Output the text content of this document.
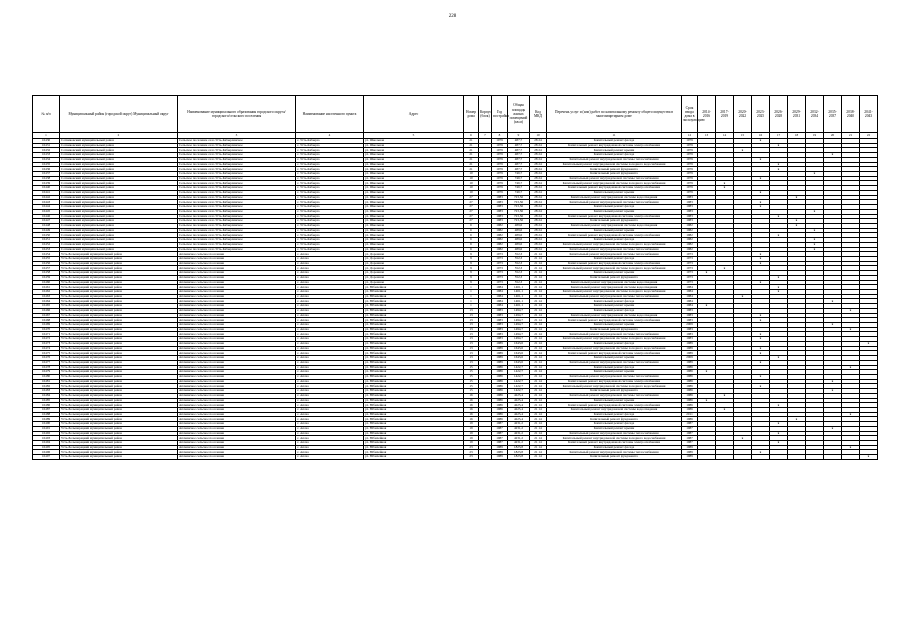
228
№ п/п	Муниципальный район (городской округ) Муниципальный округ	Наименование муниципального образования городского округа/городского/сельского поселения	Наименование населенного пункта	Адрес	Номер дома	Корпус (блок)	Год постройки	Общая площадь жилых помещений (кв.м)	Код МКД	Перечень услуг и (или) работ по капитальному ремонту общего имущества в многоквартирном доме	Срок ввода дома в эксплуатацию	2014-2016	2017-2019	2020-2022	2023-2025	2026-2028	2029-2031	2032-2034	2035-2037	2038-2040	2041-2043
1	2	3	4	5	6	7	8	9	10	11	12	13	14	15	16	17	18	19	20	21	22
16430	Сотниковский муниципальный район	Сельское поселение село Усть-Кабырзинское	с. Усть-Кабырза	ул. Школьная	21		1979	487,7	28 24	Капитальный ремонт фасада	1979				x						
16431	Сотниковский муниципальный район	Сельское поселение село Усть-Кабырзинское	с. Усть-Кабырза	ул. Школьная	21		1979	487,7	28 24	Капитальный ремонт внутридомовой системы электроснабжения	1979					x					
16432	Сотниковский муниципальный район	Сельское поселение село Усть-Кабырзинское	с. Усть-Кабырза	ул. Школьная	21		1979	487,7	28 24	Капитальный ремонт крыши	1979			x							
16433	Сотниковский муниципальный район	Сельское поселение село Усть-Кабырзинское	с. Усть-Кабырза	ул. Школьная	21		1979	487,7	28 24	Капитальный ремонт фасада	1979								x		
16434	Сотниковский муниципальный район	Сельское поселение село Усть-Кабырзинское	с. Усть-Кабырза	ул. Школьная	21		1979	487,7	28 24	Капитальный ремонт внутридомовой системы теплоснабжения	1979				x						
16435	Сотниковский муниципальный район	Сельское поселение село Усть-Кабырзинское	с. Усть-Кабырза	ул. Школьная	21		1979	487,7	28 24	Капитальный ремонт внутридомовой системы холодного водоснабжения	1979					x					
16436	Сотниковский муниципальный район	Сельское поселение село Усть-Кабырзинское	с. Усть-Кабырза	ул. Школьная	21		1979	487,7	28 24	Капитальный ремонт фундамента	1979					x					
16437	Сотниковский муниципальный район	Сельское поселение село Усть-Кабырзинское	с. Усть-Кабырза	ул. Школьная	10		1979	746,7	28 24	Капитальный ремонт фундамента	1979							x			
16438	Сотниковский муниципальный район	Сельское поселение село Усть-Кабырзинское	с. Усть-Кабырза	ул. Школьная	10		1979	746,7	28 24	Капитальный ремонт внутридомовой системы теплоснабжения	1979				x						
16439	Сотниковский муниципальный район	Сельское поселение село Усть-Кабырзинское	с. Усть-Кабырза	ул. Школьная	10		1979	746,7	28 24	Капитальный ремонт внутридомовой системы холодного водоснабжения	1979		x								
16440	Сотниковский муниципальный район	Сельское поселение село Усть-Кабырзинское	с. Усть-Кабырза	ул. Школьная	10		1979	746,7	28 24	Капитальный ремонт внутридомовой системы электроснабжения	1979		x								
16441	Сотниковский муниципальный район	Сельское поселение село Усть-Кабырзинское	с. Усть-Кабырза	ул. Школьная	10		1979	746,7	28 24	Капитальный ремонт крыши	1979				x						
16442	Сотниковский муниципальный район	Сельское поселение село Усть-Кабырзинское	с. Усть-Кабырза	ул. Школьная	27		1983	723,56	28 24	Капитальный ремонт внутридомовой системы водоотведения	1983						x				
16443	Сотниковский муниципальный район	Сельское поселение село Усть-Кабырзинское	с. Усть-Кабырза	ул. Школьная	27		1983	723,56	28 24	Капитальный ремонт внутридомовой системы теплоснабжения	1983				x						
16444	Сотниковский муниципальный район	Сельское поселение село Усть-Кабырзинское	с. Усть-Кабырза	ул. Школьная	27		1983	723,56	28 24	Капитальный ремонт фасада	1983				x						
16445	Сотниковский муниципальный район	Сельское поселение село Усть-Кабырзинское	с. Усть-Кабырза	ул. Школьная	27		1983	723,56	28 24	Капитальный ремонт крыши	1983							x			
16446	Сотниковский муниципальный район	Сельское поселение село Усть-Кабырзинское	с. Усть-Кабырза	ул. Школьная	27		1983	723,56	28 24	Капитальный ремонт внутридомовой системы электроснабжения	1983					x					
16447	Сотниковский муниципальный район	Сельское поселение село Усть-Кабырзинское	с. Усть-Кабырза	ул. Школьная	27		1983	723,56	28 24	Капитальный ремонт фундамента	1983						x				
16448	Сотниковский муниципальный район	Сельское поселение село Усть-Кабырзинское	с. Усть-Кабырза	ул. Школьная	6		1982	489,6	28 24	Капитальный ремонт внутридомовой системы водоотведения	1982						x				
16449	Сотниковский муниципальный район	Сельское поселение село Усть-Кабырзинское	с. Усть-Кабырза	ул. Школьная	6		1982	489,6	28 24	Капитальный ремонт крыши	1982							x			
16450	Сотниковский муниципальный район	Сельское поселение село Усть-Кабырзинское	с. Усть-Кабырза	ул. Школьная	6		1982	489,6	28 24	Капитальный ремонт внутридомовой системы электроснабжения	1982					x					
16451	Сотниковский муниципальный район	Сельское поселение село Усть-Кабырзинское	с. Усть-Кабырза	ул. Школьная	6		1982	489,6	28 24	Капитальный ремонт фасада	1982							x			
16452	Сотниковский муниципальный район	Сельское поселение село Усть-Кабырзинское	с. Усть-Кабырза	ул. Школьная	6		1982	489,6	28 24	Капитальный ремонт внутридомовой системы холодного водоснабжения	1982							x			
16453	Сотниковский муниципальный район	Сельское поселение село Усть-Кабырзинское	с. Усть-Кабырза	ул. Школьная	6		1982	489,6	28 24	Капитальный ремонт внутридомовой системы теплоснабжения	1982							x			
16454	Усть-Большерецкий муниципальный район	Апачинское сельское поселение	с. Апача	ул. Дорожная	9		1973	552,3	21 14	Капитальный ремонт внутридомовой системы теплоснабжения	1973				x						
16455	Усть-Большерецкий муниципальный район	Апачинское сельское поселение	с. Апача	ул. Дорожная	9		1973	552,3	21 14	Капитальный ремонт фасада	1973				x						
16456	Усть-Большерецкий муниципальный район	Апачинское сельское поселение	с. Апача	ул. Дорожная	9		1973	552,3	21 14	Капитальный ремонт внутридомовой системы электроснабжения	1973				x						
16457	Усть-Большерецкий муниципальный район	Апачинское сельское поселение	с. Апача	ул. Дорожная	9		1973	552,3	21 14	Капитальный ремонт внутридомовой системы холодного водоснабжения	1973		x								
16458	Усть-Большерецкий муниципальный район	Апачинское сельское поселение	с. Апача	ул. Дорожная	9		1973	552,3	21 14	Капитальный ремонт крыши	1973	x									
16459	Усть-Большерецкий муниципальный район	Апачинское сельское поселение	с. Апача	ул. Дорожная	9		1973	552,3	21 14	Капитальный ремонт фундамента	1973					x					
16460	Усть-Большерецкий муниципальный район	Апачинское сельское поселение	с. Апача	ул. Дорожная	9		1973	552,3	21 14	Капитальный ремонт внутридомовой системы водоотведения	1973				x						
16461	Усть-Большерецкий муниципальный район	Апачинское сельское поселение	с. Апача	ул. Юбилейная	1		1984	1461,1	21 14	Капитальный ремонт внутридомовой системы водоотведения	1984					x					
16462	Усть-Большерецкий муниципальный район	Апачинское сельское поселение	с. Апача	ул. Юбилейная	1		1984	1461,1	21 14	Капитальный ремонт внутридомовой системы холодного водоснабжения	1984					x					
16463	Усть-Большерецкий муниципальный район	Апачинское сельское поселение	с. Апача	ул. Юбилейная	1		1984	1461,1	21 14	Капитальный ремонт внутридомовой системы теплоснабжения	1984			x							
16464	Усть-Большерецкий муниципальный район	Апачинское сельское поселение	с. Апача	ул. Юбилейная	1		1984	1461,1	21 14	Капитальный ремонт фасада	1984								x		
16465	Усть-Большерецкий муниципальный район	Апачинское сельское поселение	с. Апача	ул. Юбилейная	1		1984	1461,1	21 14	Капитальный ремонт крыши	1984	x									
16466	Усть-Большерецкий муниципальный район	Апачинское сельское поселение	с. Апача	ул. Юбилейная	13		1983	1494,7	21 14	Капитальный ремонт фасада	1983									x	
16467	Усть-Большерецкий муниципальный район	Апачинское сельское поселение	с. Апача	ул. Юбилейная	13		1983	1494,7	21 14	Капитальный ремонт внутридомовой системы водоотведения	1983				x						
16468	Усть-Большерецкий муниципальный район	Апачинское сельское поселение	с. Апача	ул. Юбилейная	13		1983	1494,7	21 14	Капитальный ремонт внутридомовой системы электроснабжения	1983				x						
16469	Усть-Большерецкий муниципальный район	Апачинское сельское поселение	с. Апача	ул. Юбилейная	13		1983	1494,7	21 14	Капитальный ремонт крыши	2009								x		
16470	Усть-Большерецкий муниципальный район	Апачинское сельское поселение	с. Апача	ул. Юбилейная	13		1983	1494,7	21 14	Капитальный ремонт фундамента	1983									x	
16471	Усть-Большерецкий муниципальный район	Апачинское сельское поселение	с. Апача	ул. Юбилейная	13		1983	1494,7	21 14	Капитальный ремонт внутридомовой системы теплоснабжения	1983				x						
16472	Усть-Большерецкий муниципальный район	Апачинское сельское поселение	с. Апача	ул. Юбилейная	13		1983	1494,7	21 14	Капитальный ремонт внутридомовой системы холодного водоснабжения	1983				x						
16473	Усть-Большерецкий муниципальный район	Апачинское сельское поселение	с. Апача	ул. Юбилейная	13		1989	1643,6	21 14	Капитальный ремонт фасада	1989										x
16474	Усть-Большерецкий муниципальный район	Апачинское сельское поселение	с. Апача	ул. Юбилейная	13		1989	1643,6	21 14	Капитальный ремонт внутридомовой системы холодного водоснабжения	1989				x						
16475	Усть-Большерецкий муниципальный район	Апачинское сельское поселение	с. Апача	ул. Юбилейная	13		1989	1643,6	21 14	Капитальный ремонт внутридомовой системы электроснабжения	1989				x						
16476	Усть-Большерецкий муниципальный район	Апачинское сельское поселение	с. Апача	ул. Юбилейная	13		1989	1643,6	21 14	Капитальный ремонт крыши	2009					x					
16477	Усть-Большерецкий муниципальный район	Апачинское сельское поселение	с. Апача	ул. Юбилейная	13		1989	1643,6	21 14	Капитальный ремонт внутридомовой системы теплоснабжения	1989				x						
16478	Усть-Большерецкий муниципальный район	Апачинское сельское поселение	с. Апача	ул. Юбилейная	15		1986	1422,7	21 14	Капитальный ремонт фасада	1986									x	
16479	Усть-Большерецкий муниципальный район	Апачинское сельское поселение	с. Апача	ул. Юбилейная	15		1986	1422,7	21 14	Капитальный ремонт крыши	1986	x									
16480	Усть-Большерецкий муниципальный район	Апачинское сельское поселение	с. Апача	ул. Юбилейная	15		1986	1422,7	21 14	Капитальный ремонт внутридомовой системы теплоснабжения	1986				x						
16481	Усть-Большерецкий муниципальный район	Апачинское сельское поселение	с. Апача	ул. Юбилейная	15		1986	1422,7	21 14	Капитальный ремонт внутридомовой системы электроснабжения	1986								x		
16482	Усть-Большерецкий муниципальный район	Апачинское сельское поселение	с. Апача	ул. Юбилейная	15		1986	1422,7	21 14	Капитальный ремонт внутридомовой системы холодного водоснабжения	1986				x						
16483	Усть-Большерецкий муниципальный район	Апачинское сельское поселение	с. Апача	ул. Юбилейная	15		1986	1422,7	21 14	Капитальный ремонт фундамента	1986								x		
16484	Усть-Большерецкий муниципальный район	Апачинское сельское поселение	с. Апача	ул. Юбилейная	16		1986	4225,4	21 14	Капитальный ремонт внутридомовой системы теплоснабжения	1986		x								
16485	Усть-Большерецкий муниципальный район	Апачинское сельское поселение	с. Апача	ул. Юбилейная	16		1986	4225,4	21 14	Капитальный ремонт крыши	1986	x									
16486	Усть-Большерецкий муниципальный район	Апачинское сельское поселение	с. Апача	ул. Юбилейная	16		1986	4225,4	21 14	Капитальный ремонт внутридомовой системы электроснабжения	1986					x					
16487	Усть-Большерецкий муниципальный район	Апачинское сельское поселение	с. Апача	ул. Юбилейная	16		1986	4225,4	21 14	Капитальный ремонт внутридомовой системы водоотведения	1986		x								
16488	Усть-Большерецкий муниципальный район	Апачинское сельское поселение	с. Апача	ул. Юбилейная	16		1986	4225,4	21 14	Капитальный ремонт фасада	2011									x	
16489	Усть-Большерецкий муниципальный район	Апачинское сельское поселение	с. Апача	ул. Юбилейная	16		1986	4225,4	21 14	Капитальный ремонт фундамента	1986						x				
16490	Усть-Большерецкий муниципальный район	Апачинское сельское поселение	с. Апача	ул. Юбилейная	19		1987	4231,2	21 14	Капитальный ремонт фасада	1987					x					
16491	Усть-Большерецкий муниципальный район	Апачинское сельское поселение	с. Апача	ул. Юбилейная	19		1987	4231,2	21 14	Капитальный ремонт крыши	1987								x		
16492	Усть-Большерецкий муниципальный район	Апачинское сельское поселение	с. Апача	ул. Юбилейная	19		1987	4231,2	21 14	Капитальный ремонт внутридомовой системы теплоснабжения	1987					x					
16493	Усть-Большерецкий муниципальный район	Апачинское сельское поселение	с. Апача	ул. Юбилейная	19		1987	4231,2	21 14	Капитальный ремонт внутридомовой системы холодного водоснабжения	1987			x							
16494	Усть-Большерецкий муниципальный район	Апачинское сельское поселение	с. Апача	ул. Юбилейная	19		1987	4231,2	21 14	Капитальный ремонт внутридомовой системы электроснабжения	1987					x					
16495	Усть-Большерецкий муниципальный район	Апачинское сельское поселение	с. Апача	ул. Юбилейная	23		1989	1823,8	21 14	Капитальный ремонт фасада	1989									x	
16496	Усть-Большерецкий муниципальный район	Апачинское сельское поселение	с. Апача	ул. Юбилейная	23		1989	1823,8	21 14	Капитальный ремонт внутридомовой системы теплоснабжения	1989				x						
16497	Усть-Большерецкий муниципальный район	Апачинское сельское поселение	с. Апача	ул. Юбилейная	23		1989	1823,8	21 14	Капитальный ремонт фундамента	1989										x
